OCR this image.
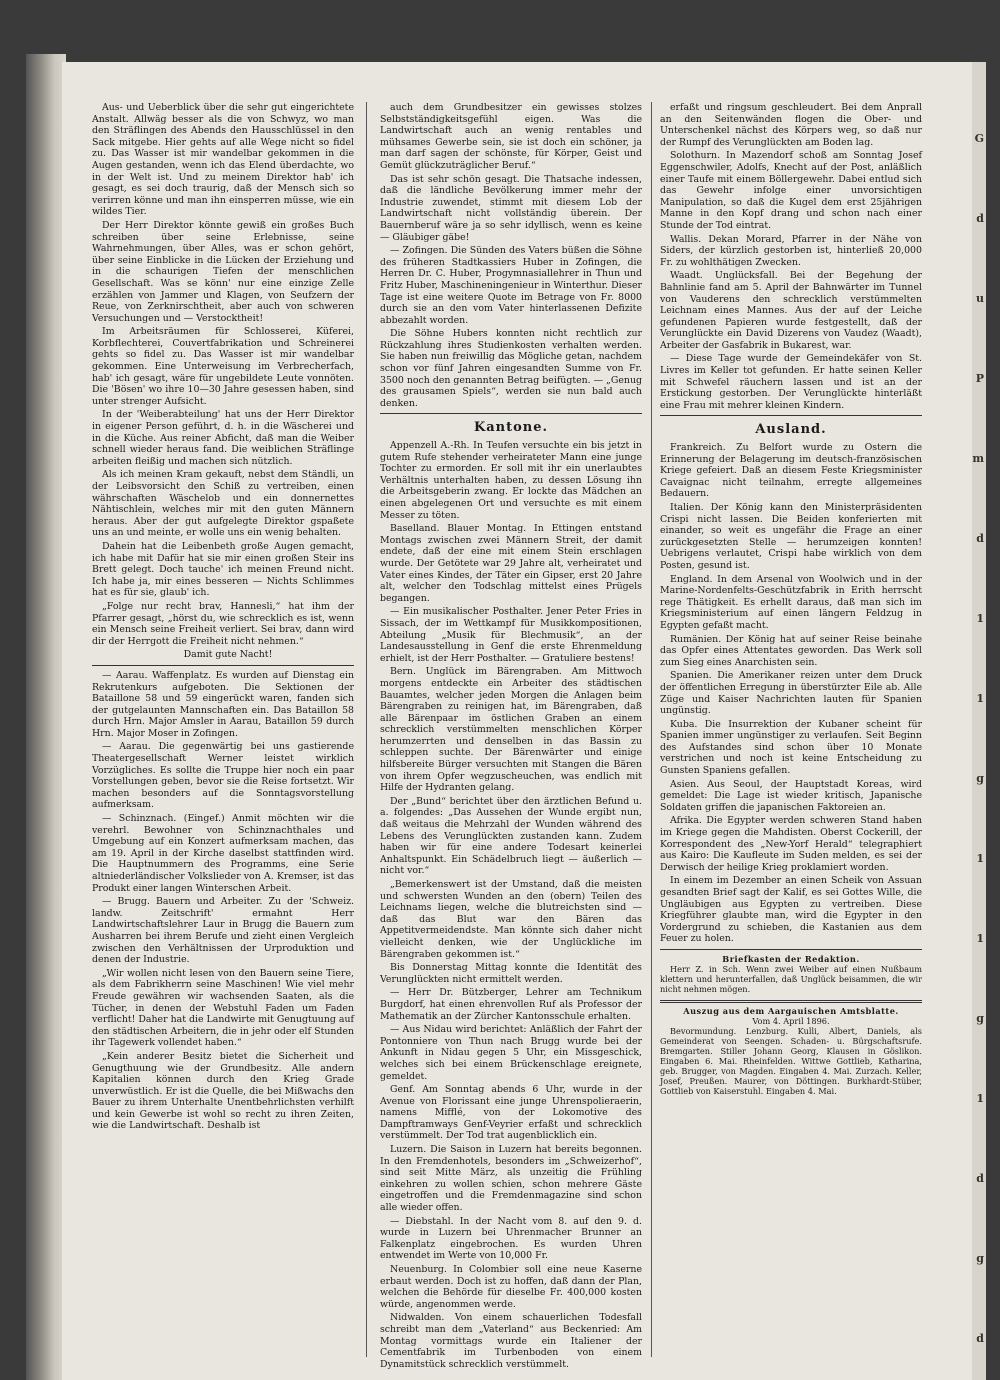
Aus- und Ueberblick über die sehr gut eingerichtete Anstalt. Allwäg besser als die von Schwyz, wo man den Sträflingen des Abends den Hausschlüssel in den Sack mitgebe. Hier gehts auf alle Wege nicht so fidel zu. Das Wasser ist mir wandelbar gekommen in die Augen gestanden, wenn ich das Elend überdachte, wo in der Welt ist. Und zu meinem Direktor hab' ich gesagt, es sei doch traurig, daß der Mensch sich so verirren könne und man ihn einsperren müsse, wie ein wildes Tier.

Der Herr Direktor könnte gewiß ein großes Buch schreiben über seine Erlebnisse, seine Wahrnehmungen, über Alles, was er schon gehört, über seine Einblicke in die Lücken der Erziehung und in die schaurigen Tiefen der menschlichen Gesellschaft. Was se könn' nur eine einzige Zelle erzählen von Jammer und Klagen, von Seufzern der Reue, von Zerknirschtheit, aber auch von schweren Versuchungen und — Verstocktheit!

Im Arbeitsräumen für Schlosserei, Küferei, Korbflechterei, Couvertfabrikation und Schreinerei gehts so fidel zu. Das Wasser ist mir wandelbar gekommen. Eine Unterweisung im Verbrecherfach, hab' ich gesagt, wäre für ungebildete Leute vonnöten. Die 'Bösen' wo ihre 10—30 Jahre gesessen haben, sind unter strenger Aufsicht.

In der 'Weiberabteilung' hat uns der Herr Direktor in eigener Person geführt, d. h. in die Wäscherei und in die Küche. Aus reiner Abficht, daß man die Weiber schnell wieder heraus fand. Die weiblichen Sträflinge arbeiten fleißig und machen sich nützlich.

Als ich meinen Kram gekauft, nebst dem Ständli, un der Leibsvorsicht den Schiß zu vertreiben, einen währschaften Wäschelob und ein donnernettes Nähtischlein, welches mir mit den guten Männern heraus. Aber der gut aufgelegte Direktor gspaßete uns an und meinte, er wolle uns ein wenig behalten.

Dahein hat die Leibenbeth große Augen gemacht, ich habe mit Dafür hat sie mir einen großen Steir ins Brett gelegt. Doch tauche' ich meinen Freund nicht. Ich habe ja, mir eines besseren — Nichts Schlimmes hat es für sie, glaub' ich.

„Folge nur recht brav, Hannesli,“ hat ihm der Pfarrer gesagt, „hörst du, wie schrecklich es ist, wenn ein Mensch seine Freiheit verliert. Sei brav, dann wird dir der Herrgott die Freiheit nicht nehmen.“

Damit gute Nacht!

— Aarau. Waffenplatz. Es wurden auf Dienstag ein Rekrutenkurs aufgeboten. Die Sektionen der Bataillone 58 und 59 eingerückt waren, fanden sich der gutgelaunten Mannschaften ein. Das Bataillon 58 durch Hrn. Major Amsler in Aarau, Bataillon 59 durch Hrn. Major Moser in Zofingen.

— Aarau. Die gegenwärtig bei uns gastierende Theatergesellschaft Werner leistet wirklich Vorzügliches. Es sollte die Truppe hier noch ein paar Vorstellungen geben, bevor sie die Reise fortsetzt. Wir machen besonders auf die Sonntagsvorstellung aufmerksam.

— Schinznach. (Eingef.) Anmit möchten wir die verehrl. Bewohner von Schinznachthales und Umgebung auf ein Konzert aufmerksam machen, das am 19. April in der Kirche daselbst stattfinden wird. Die Hauptnummern des Programms, eine Serie altniederländischer Volkslieder von A. Kremser, ist das Produkt einer langen Winterschen Arbeit.

— Brugg. Bauern und Arbeiter. Zu der 'Schweiz. landw. Zeitschrift' ermahnt Herr Landwirtschaftslehrer Laur in Brugg die Bauern zum Ausharren bei ihrem Berufe und zieht einen Vergleich zwischen den Verhältnissen der Urproduktion und denen der Industrie.

„Wir wollen nicht lesen von den Bauern seine Tiere, als dem Fabrikherrn seine Maschinen! Wie viel mehr Freude gewähren wir wachsenden Saaten, als die Tücher, in denen der Webstuhl Faden um Faden verflicht! Daher hat die Landwirte mit Genugtuung auf den städtischen Arbeitern, die in jehr oder elf Stunden ihr Tagewerk vollendet haben.“

„Kein anderer Besitz bietet die Sicherheit und Genugthuung wie der Grundbesitz. Alle andern Kapitalien können durch den Krieg Grade unverwüstlich. Er ist die Quelle, die bei Mißwachs den Bauer zu ihrem Unterhalte Unentbehrlichsten verhilft und kein Gewerbe ist wohl so recht zu ihren Zeiten, wie die Landwirtschaft. Deshalb ist

auch dem Grundbesitzer ein gewisses stolzes Selbstständigkeitsgefühl eigen. Was die Landwirtschaft auch an wenig rentables und mühsames Gewerbe sein, sie ist doch ein schöner, ja man darf sagen der schönste, für Körper, Geist und Gemüt glückzuträglicher Beruf.“

Das ist sehr schön gesagt. Die Thatsache indessen, daß die ländliche Bevölkerung immer mehr der Industrie zuwendet, stimmt mit diesem Lob der Landwirtschaft nicht vollständig überein. Der Bauernberuf wäre ja so sehr idyllisch, wenn es keine — Gläubiger gäbe!

— Zofingen. Die Sünden des Vaters büßen die Söhne des früheren Stadtkassiers Huber in Zofingen, die Herren Dr. C. Huber, Progymnasiallehrer in Thun und Fritz Huber, Maschineningenieur in Winterthur. Dieser Tage ist eine weitere Quote im Betrage von Fr. 8000 durch sie an den vom Vater hinterlassenen Defizite abbezahlt worden.

Die Söhne Hubers konnten nicht rechtlich zur Rückzahlung ihres Studienkosten verhalten werden. Sie haben nun freiwillig das Mögliche getan, nachdem schon vor fünf Jahren eingesandten Summe von Fr. 3500 noch den genannten Betrag beifügten. — „Genug des grausamen Spiels“, werden sie nun bald auch denken.

Kantone.

Appenzell A.-Rh. In Teufen versuchte ein bis jetzt in gutem Rufe stehender verheirateter Mann eine junge Tochter zu ermorden. Er soll mit ihr ein unerlaubtes Verhältnis unterhalten haben, zu dessen Lösung ihn die Arbeitsgeberin zwang. Er lockte das Mädchen an einen abgelegenen Ort und versuchte es mit einem Messer zu töten.

Baselland. Blauer Montag. In Ettingen entstand Montags zwischen zwei Männern Streit, der damit endete, daß der eine mit einem Stein erschlagen wurde. Der Getötete war 29 Jahre alt, verheiratet und Vater eines Kindes, der Täter ein Gipser, erst 20 Jahre alt, welcher den Todschlag mittelst eines Prügels begangen.

— Ein musikalischer Posthalter. Jener Peter Fries in Sissach, der im Wettkampf für Musikkompositionen, Abteilung „Musik für Blechmusik“, an der Landesausstellung in Genf die erste Ehrenmeldung erhielt, ist der Herr Posthalter. — Gratuliere bestens!

Bern. Unglück im Bärengraben. Am Mittwoch morgens entdeckte ein Arbeiter des städtischen Bauamtes, welcher jeden Morgen die Anlagen beim Bärengraben zu reinigen hat, im Bärengraben, daß alle Bärenpaar im östlichen Graben an einem schrecklich verstümmelten menschlichen Körper herumzerrten und denselben in das Bassin zu schleppen suchte. Der Bärenwärter und einige hilfsbereite Bürger versuchten mit Stangen die Bären von ihrem Opfer wegzuscheuchen, was endlich mit Hilfe der Hydranten gelang.

Der „Bund“ berichtet über den ärztlichen Befund u. a. folgendes: „Das Aussehen der Wunde ergibt nun, daß weitaus die Mehrzahl der Wunden während des Lebens des Verunglückten zustanden kann. Zudem haben wir für eine andere Todesart keinerlei Anhaltspunkt. Ein Schädelbruch liegt — äußerlich — nicht vor.“

„Bemerkenswert ist der Umstand, daß die meisten und schwersten Wunden an den (obern) Teilen des Leichnams liegen, welche die blutreichsten sind — daß das Blut war den Bären das Appetitvermeidendste. Man könnte sich daher nicht vielleicht denken, wie der Unglückliche im Bärengraben gekommen ist.“

Bis Donnerstag Mittag konnte die Identität des Verunglückten nicht ermittelt werden.

— Herr Dr. Bützberger, Lehrer am Technikum Burgdorf, hat einen ehrenvollen Ruf als Professor der Mathematik an der Zürcher Kantonsschule erhalten.

— Aus Nidau wird berichtet: Anläßlich der Fahrt der Pontonniere von Thun nach Brugg wurde bei der Ankunft in Nidau gegen 5 Uhr, ein Missgeschick, welches sich bei einem Brückenschlage ereignete, gemeldet.

Genf. Am Sonntag abends 6 Uhr, wurde in der Avenue von Florissant eine junge Uhrenspolieraerin, namens Mifflé, von der Lokomotive des Dampftramways Genf-Veyrier erfaßt und schrecklich verstümmelt. Der Tod trat augenblicklich ein.

Luzern. Die Saison in Luzern hat bereits begonnen. In den Fremdenhotels, besonders im „Schweizerhof“, sind seit Mitte März, als unzeitig die Frühling einkehren zu wollen schien, schon mehrere Gäste eingetroffen und die Fremdenmagazine sind schon alle wieder offen.

— Diebstahl. In der Nacht vom 8. auf den 9. d. wurde in Luzern bei Uhrenmacher Brunner an Falkenplatz eingebrochen. Es wurden Uhren entwendet im Werte von 10,000 Fr.

Neuenburg. In Colombier soll eine neue Kaserne erbaut werden. Doch ist zu hoffen, daß dann der Plan, welchen die Behörde für dieselbe Fr. 400,000 kosten würde, angenommen werde.

Nidwalden. Von einem schauerlichen Todesfall schreibt man dem „Vaterland“ aus Beckenried: Am Montag vormittags wurde ein Italiener der Cementfabrik im Turbenboden von einem Dynamitstück schrecklich verstümmelt.

erfaßt und ringsum geschleudert. Bei dem Anprall an den Seitenwänden flogen die Ober- und Unterschenkel nächst des Körpers weg, so daß nur der Rumpf des Verunglückten am Boden lag.

Solothurn. In Mazendorf schoß am Sonntag Josef Eggenschwiler, Adolfs, Knecht auf der Post, anläßlich einer Taufe mit einem Böllergewehr. Dabei entlud sich das Gewehr infolge einer unvorsichtigen Manipulation, so daß die Kugel dem erst 25jährigen Manne in den Kopf drang und schon nach einer Stunde der Tod eintrat.

Wallis. Dekan Morard, Pfarrer in der Nähe von Siders, der kürzlich gestorben ist, hinterließ 20,000 Fr. zu wohlthätigen Zwecken.

Waadt. Unglücksfall. Bei der Begehung der Bahnlinie fand am 5. April der Bahnwärter im Tunnel von Vauderens den schrecklich verstümmelten Leichnam eines Mannes. Aus der auf der Leiche gefundenen Papieren wurde festgestellt, daß der Verunglückte ein David Dizerens von Vaudez (Waadt), Arbeiter der Gasfabrik in Bukarest, war.

— Diese Tage wurde der Gemeindekäfer von St. Livres im Keller tot gefunden. Er hatte seinen Keller mit Schwefel räuchern lassen und ist an der Erstickung gestorben. Der Verunglückte hinterläßt eine Frau mit mehrer kleinen Kindern.

Ausland.

Frankreich. Zu Belfort wurde zu Ostern die Erinnerung der Belagerung im deutsch-französischen Kriege gefeiert. Daß an diesem Feste Kriegsminister Cavaignac nicht teilnahm, erregte allgemeines Bedauern.

Italien. Der König kann den Ministerpräsidenten Crispi nicht lassen. Die Beiden konferierten mit einander, so weit es ungefähr die Frage an einer zurückgesetzten Stelle — herumzeigen konnten! Uebrigens verlautet, Crispi habe wirklich von dem Posten, gesund ist.

England. In dem Arsenal von Woolwich und in der Marine-Nordenfelts-Geschützfabrik in Erith herrscht rege Thätigkeit. Es erhellt daraus, daß man sich im Kriegsministerium auf einen längern Feldzug in Egypten gefaßt macht.

Rumänien. Der König hat auf seiner Reise beinahe das Opfer eines Attentates geworden. Das Werk soll zum Sieg eines Anarchisten sein.

Spanien. Die Amerikaner reizen unter dem Druck der öffentlichen Erregung in überstürzter Eile ab. Alle Züge und Kaiser Nachrichten lauten für Spanien ungünstig.

Kuba. Die Insurrektion der Kubaner scheint für Spanien immer ungünstiger zu verlaufen. Seit Beginn des Aufstandes sind schon über 10 Monate verstrichen und noch ist keine Entscheidung zu Gunsten Spaniens gefallen.

Asien. Aus Seoul, der Hauptstadt Koreas, wird gemeldet: Die Lage ist wieder kritisch, Japanische Soldaten griffen die japanischen Faktoreien an.

Afrika. Die Egypter werden schweren Stand haben im Kriege gegen die Mahdisten. Oberst Cockerill, der Korrespondent des „New-Yorf Herald“ telegraphiert aus Kairo: Die Kaufleute im Suden melden, es sei der Derwisch der heilige Krieg proklamiert worden.

In einem im Dezember an einen Scheik von Assuan gesandten Brief sagt der Kalif, es sei Gottes Wille, die Ungläubigen aus Egypten zu vertreiben. Diese Kriegführer glaubte man, wird die Egypter in den Vordergrund zu schieben, die Kastanien aus dem Feuer zu holen.

Briefkasten der Redaktion.

Herr Z. in Sch. Wenn zwei Weiber auf einen Nußbaum klettern und herunterfallen, daß Unglück beisammen, die wir nicht nehmen mögen.

Auszug aus dem Aargauischen Amtsblatte.
Vom 4. April 1896.

Bevormundung. Lenzburg. Kulli, Albert, Daniels, als Gemeinderat von Seengen. Schaden- u. Bürgschaftsrufe. Bremgarten. Stiller Johann Georg, Klausen in Göslikon. Eingaben 6. Mai. Rheinfelden. Wittwe Gottlieb, Katharina, geb. Brugger, von Magden. Eingaben 4. Mai. Zurzach. Keller, Josef, Preußen. Maurer, von Döttingen. Burkhardt-Stüber, Gottlieb von Kaiserstuhl. Eingaben 4. Mai.

G
d
u
P
m
d
1
1
g
1
1
g
1
d
g
d
